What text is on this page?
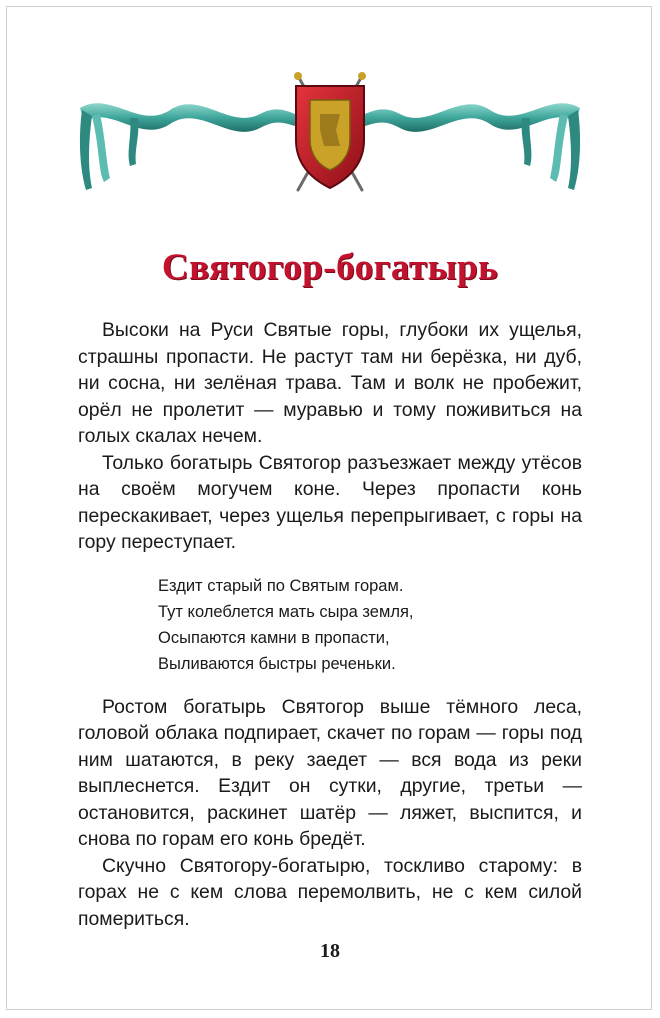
Святогор-богатырь

Высоки на Руси Святые горы, глубоки их ущелья, страшны пропасти. Не растут там ни берёзка, ни дуб, ни сосна, ни зелёная трава. Там и волк не пробежит, орёл не пролетит — муравью и тому поживиться на голых скалах нечем.

Только богатырь Святогор разъезжает между утёсов на своём могучем коне. Через пропасти конь перескакивает, через ущелья перепрыгивает, с горы на гору переступает.

Ездит старый по Святым горам.
Тут колеблется мать сыра земля,
Осыпаются камни в пропасти,
Выливаются быстры реченьки.

Ростом богатырь Святогор выше тёмного леса, головой облака подпирает, скачет по горам — горы под ним шатаются, в реку заедет — вся вода из реки выплеснется. Ездит он сутки, другие, третьи — остановится, раскинет шатёр — ляжет, выспится, и снова по горам его конь бредёт.

Скучно Святогору-богатырю, тоскливо старому: в горах не с кем слова перемолвить, не с кем силой помериться.

18
